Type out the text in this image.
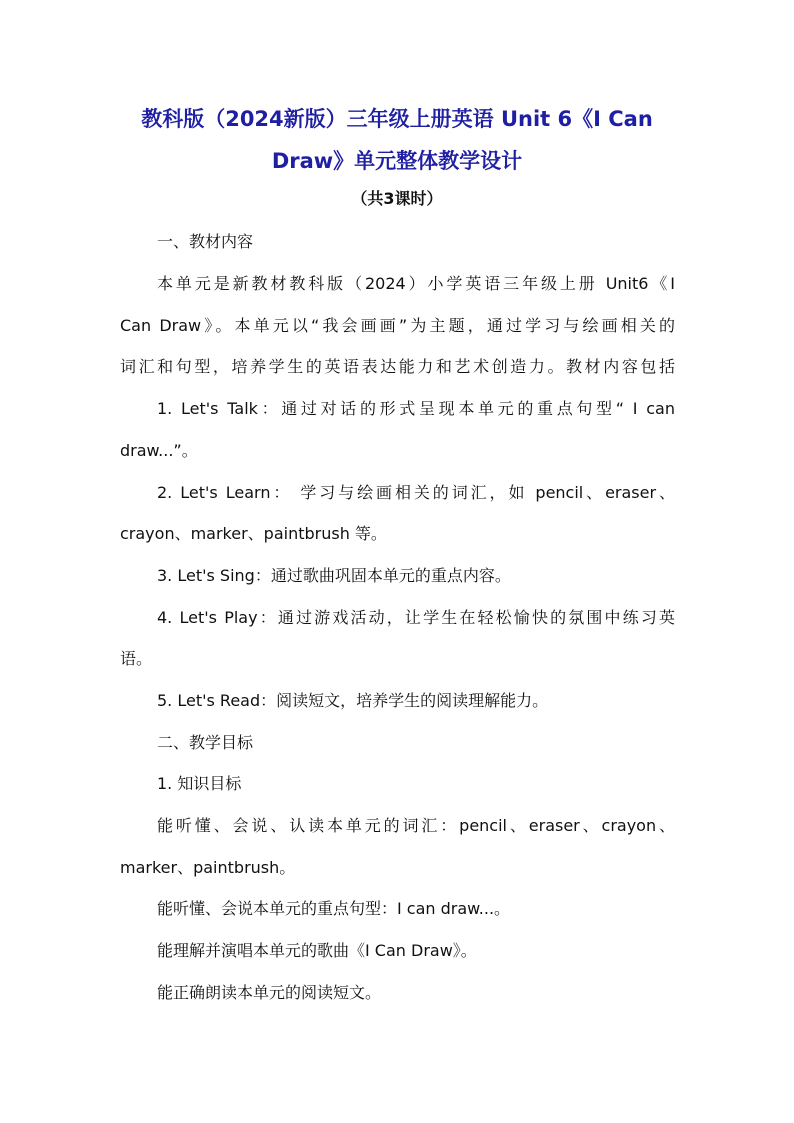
教科版（2024新版）三年级上册英语 Unit 6《I Can
Draw》单元整体教学设计
（共3课时）
一、教材内容
本单元是新教材教科版（2024）小学英语三年级上册 Unit6《I
Can Draw》。本单元以“我会画画”为主题，通过学习与绘画相关的
词汇和句型，培养学生的英语表达能力和艺术创造力。教材内容包括
1. Let's Talk：通过对话的形式呈现本单元的重点句型“ I can
draw...”。
2. Let's Learn： 学习与绘画相关的词汇，如 pencil、eraser、
crayon、marker、paintbrush 等。
3. Let's Sing：通过歌曲巩固本单元的重点内容。
4. Let's Play：通过游戏活动，让学生在轻松愉快的氛围中练习英
语。
5. Let's Read：阅读短文，培养学生的阅读理解能力。
二、教学目标
1. 知识目标
能听懂、会说、认读本单元的词汇：pencil、eraser、crayon、
marker、paintbrush。
能听懂、会说本单元的重点句型：I can draw...。
能理解并演唱本单元的歌曲《I Can Draw》。
能正确朗读本单元的阅读短文。
